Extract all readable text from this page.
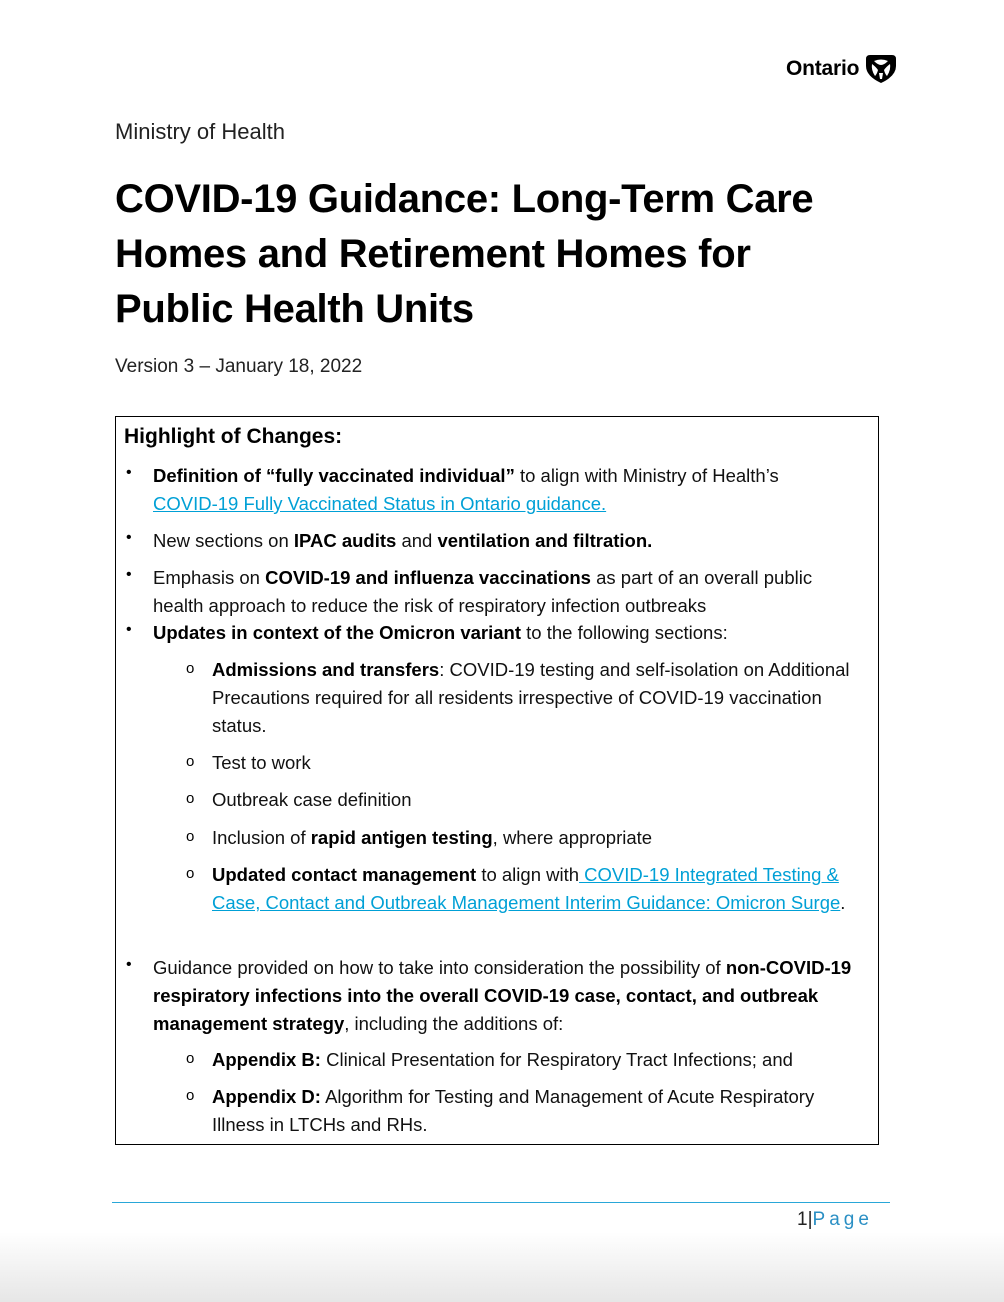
Ontario
Ministry of Health
COVID-19 Guidance: Long-Term Care
Homes and Retirement Homes for
Public Health Units
Version 3 – January 18, 2022
Highlight of Changes:
•	Definition of “fully vaccinated individual” to align with Ministry of Health’s
COVID-19 Fully Vaccinated Status in Ontario guidance.
•	New sections on IPAC audits and ventilation and filtration.
•	Emphasis on COVID-19 and influenza vaccinations as part of an overall public health approach to reduce the risk of respiratory infection outbreaks
•	Updates in context of the Omicron variant to the following sections:
o Admissions and transfers: COVID-19 testing and self-isolation on Additional Precautions required for all residents irrespective of COVID-19 vaccination status.
o Test to work
o Outbreak case definition
o Inclusion of rapid antigen testing, where appropriate
o Updated contact management to align with COVID-19 Integrated Testing & Case, Contact and Outbreak Management Interim Guidance: Omicron Surge.
•	Guidance provided on how to take into consideration the possibility of non-COVID-19 respiratory infections into the overall COVID-19 case, contact, and outbreak management strategy, including the additions of:
o Appendix B: Clinical Presentation for Respiratory Tract Infections; and
o Appendix D: Algorithm for Testing and Management of Acute Respiratory Illness in LTCHs and RHs.
1|Page
